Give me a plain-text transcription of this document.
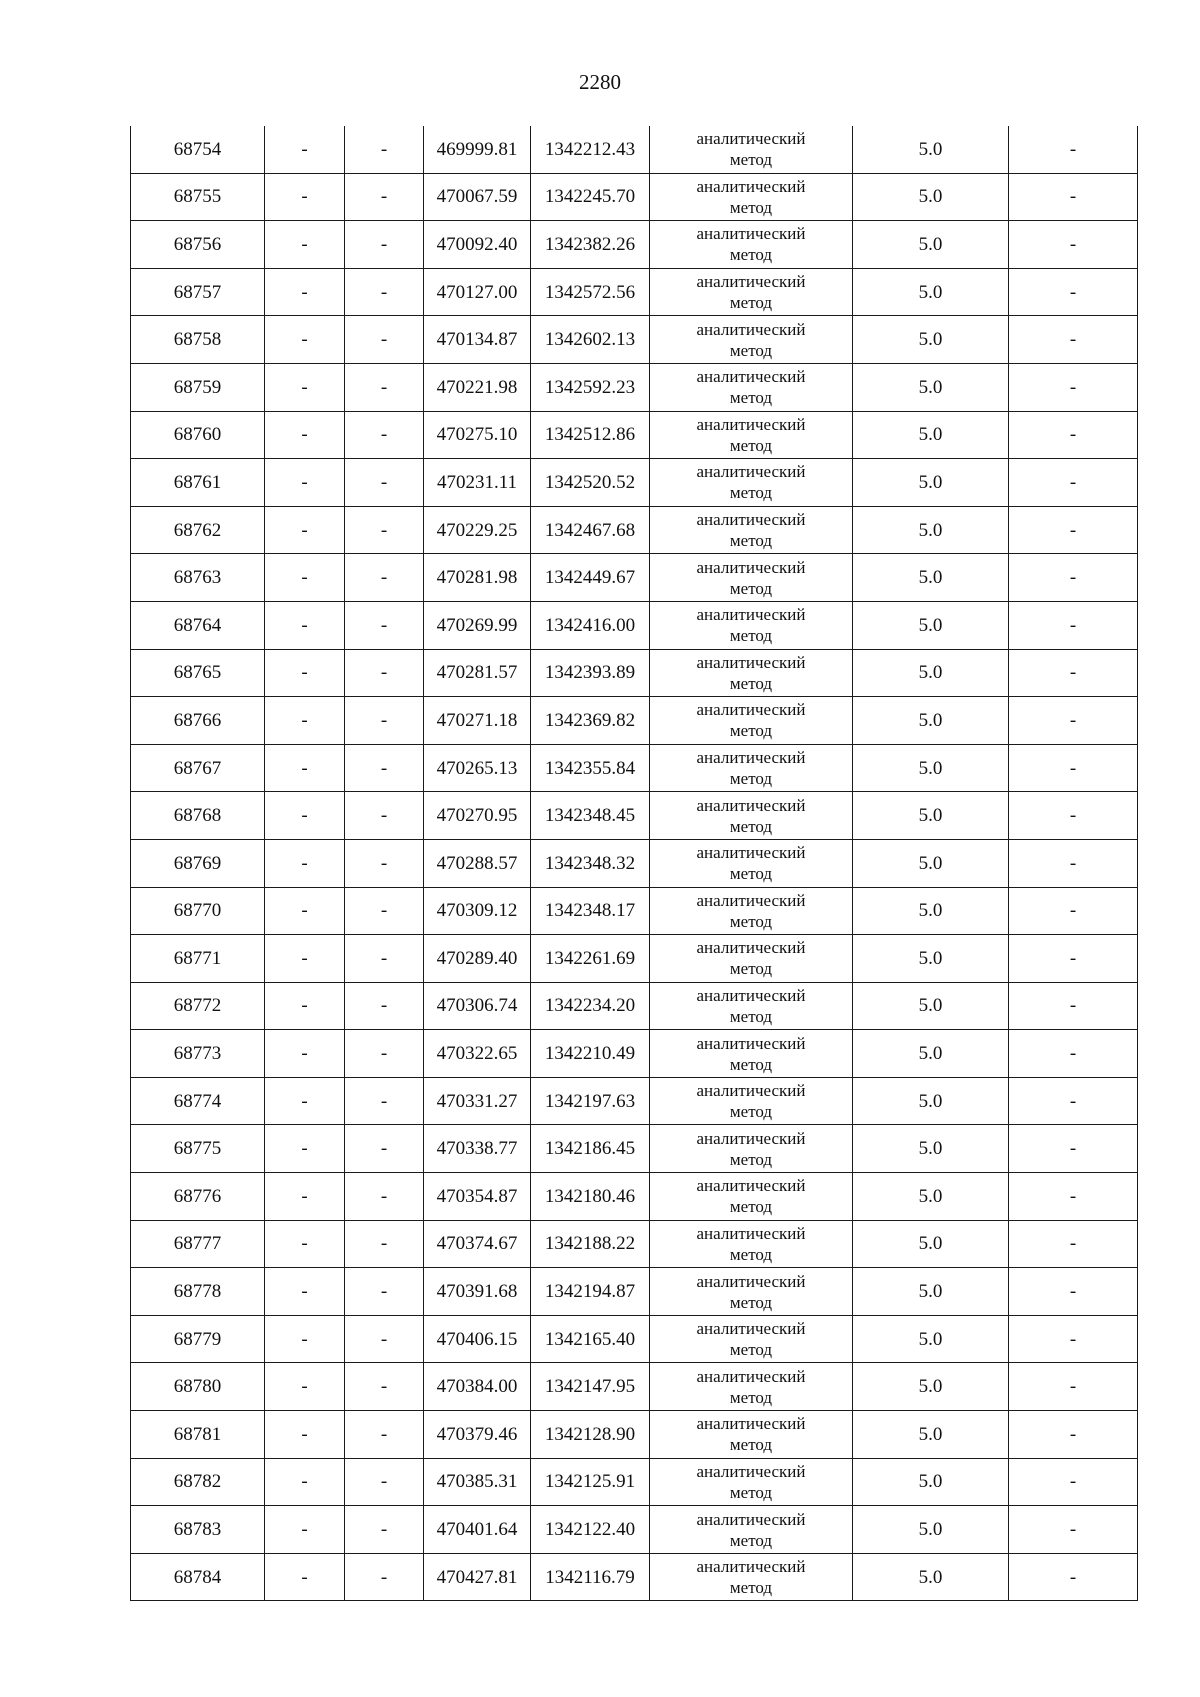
2280
68754	-	-	469999.81	1342212.43	аналитический
метод	5.0	-
68755	-	-	470067.59	1342245.70	аналитический
метод	5.0	-
68756	-	-	470092.40	1342382.26	аналитический
метод	5.0	-
68757	-	-	470127.00	1342572.56	аналитический
метод	5.0	-
68758	-	-	470134.87	1342602.13	аналитический
метод	5.0	-
68759	-	-	470221.98	1342592.23	аналитический
метод	5.0	-
68760	-	-	470275.10	1342512.86	аналитический
метод	5.0	-
68761	-	-	470231.11	1342520.52	аналитический
метод	5.0	-
68762	-	-	470229.25	1342467.68	аналитический
метод	5.0	-
68763	-	-	470281.98	1342449.67	аналитический
метод	5.0	-
68764	-	-	470269.99	1342416.00	аналитический
метод	5.0	-
68765	-	-	470281.57	1342393.89	аналитический
метод	5.0	-
68766	-	-	470271.18	1342369.82	аналитический
метод	5.0	-
68767	-	-	470265.13	1342355.84	аналитический
метод	5.0	-
68768	-	-	470270.95	1342348.45	аналитический
метод	5.0	-
68769	-	-	470288.57	1342348.32	аналитический
метод	5.0	-
68770	-	-	470309.12	1342348.17	аналитический
метод	5.0	-
68771	-	-	470289.40	1342261.69	аналитический
метод	5.0	-
68772	-	-	470306.74	1342234.20	аналитический
метод	5.0	-
68773	-	-	470322.65	1342210.49	аналитический
метод	5.0	-
68774	-	-	470331.27	1342197.63	аналитический
метод	5.0	-
68775	-	-	470338.77	1342186.45	аналитический
метод	5.0	-
68776	-	-	470354.87	1342180.46	аналитический
метод	5.0	-
68777	-	-	470374.67	1342188.22	аналитический
метод	5.0	-
68778	-	-	470391.68	1342194.87	аналитический
метод	5.0	-
68779	-	-	470406.15	1342165.40	аналитический
метод	5.0	-
68780	-	-	470384.00	1342147.95	аналитический
метод	5.0	-
68781	-	-	470379.46	1342128.90	аналитический
метод	5.0	-
68782	-	-	470385.31	1342125.91	аналитический
метод	5.0	-
68783	-	-	470401.64	1342122.40	аналитический
метод	5.0	-
68784	-	-	470427.81	1342116.79	аналитический
метод	5.0	-
